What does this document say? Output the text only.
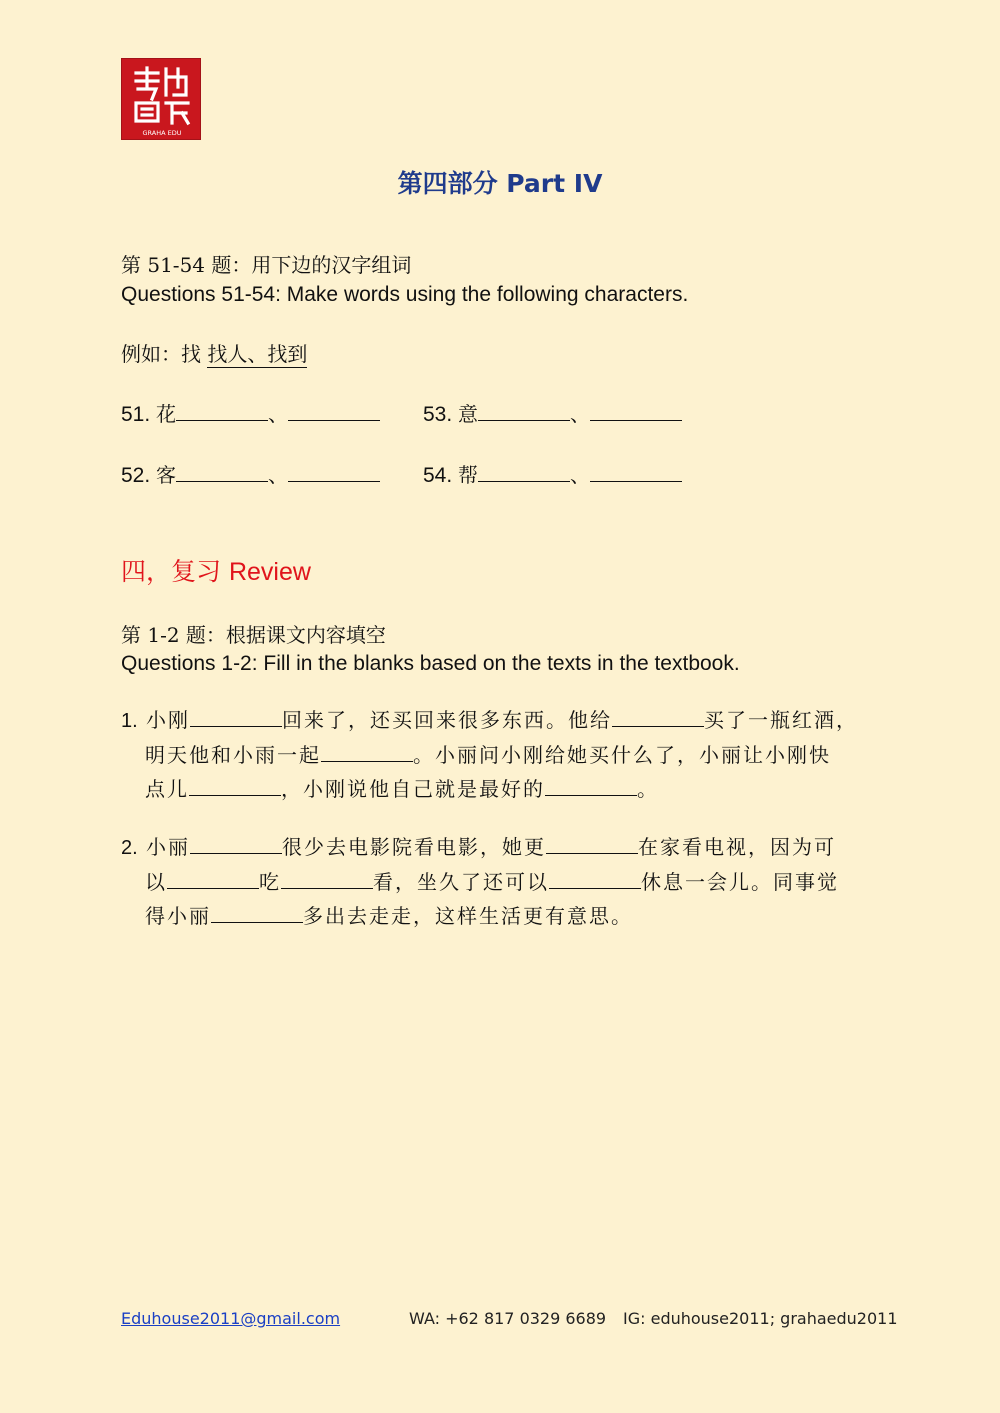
GRAHA EDU
第四部分 Part IV
第 51-54 题：用下边的汉字组词
Questions 51-54: Make words using the following characters.
例如：找 找人、找到
51. 花	、	53. 意	、
52. 客	、	54. 帮	、
四，复习 Review
第 1-2 题：根据课文内容填空
Questions 1-2: Fill in the blanks based on the texts in the textbook.
1. 小刚	回来了，还买回来很多东西。他给	买了一瓶红酒，
明天他和小雨一起	。小丽问小刚给她买什么了，小丽让小刚快
点儿	，小刚说他自己就是最好的	。
2. 小丽	很少去电影院看电影，她更	在家看电视，因为可
以	吃	看，坐久了还可以	休息一会儿。同事觉
得小丽	多出去走走，这样生活更有意思。
Eduhouse2011@gmail.com	WA: +62 817 0329 6689 IG: eduhouse2011; grahaedu2011
